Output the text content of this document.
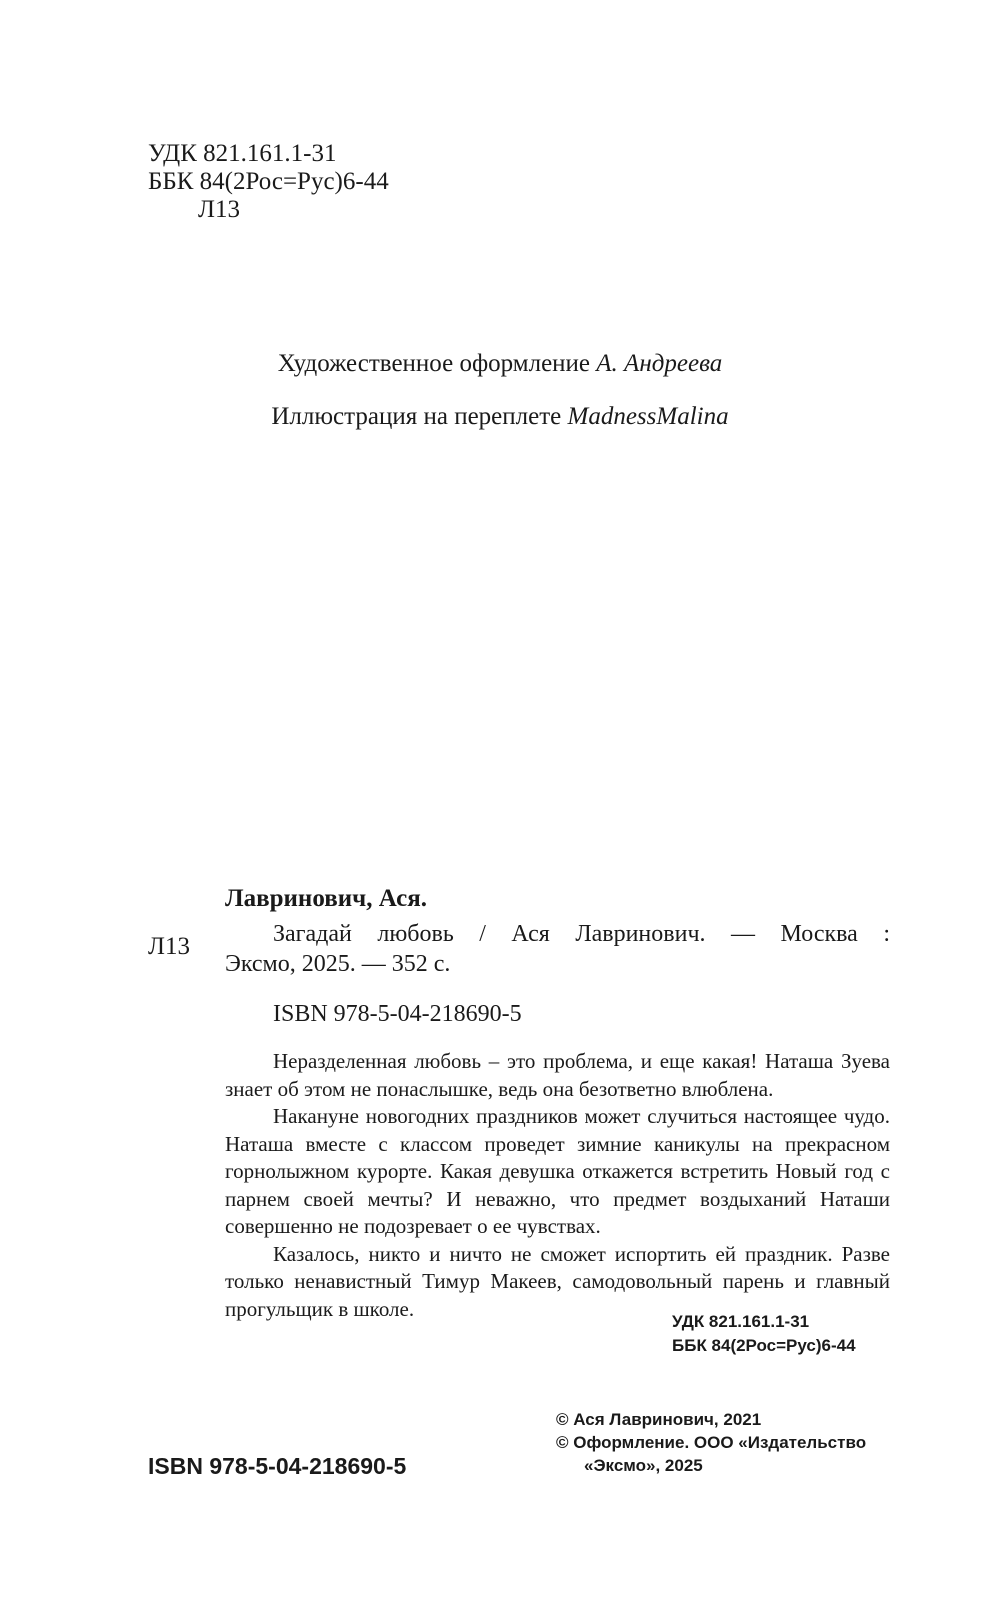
УДК 821.161.1-31
ББК 84(2Рос=Рус)6-44
Л13
Художественное оформление А. Андреева
Иллюстрация на переплете MadnessMalina
Л13
Лавринович, Ася.
Загадай любовь / Ася Лавринович. — Москва :
Эксмо, 2025. — 352 с.
ISBN 978-5-04-218690-5

Неразделенная любовь – это проблема, и еще какая! Наташа Зуева знает об этом не понаслышке, ведь она безответно влюблена.

Накануне новогодних праздников может случиться настоящее чудо. Наташа вместе с классом проведет зимние каникулы на прекрасном горнолыжном курорте. Какая девушка откажется встретить Новый год с парнем своей мечты? И неважно, что предмет воздыханий Наташи совершенно не подозревает о ее чувствах.

Казалось, никто и ничто не сможет испортить ей праздник. Разве только ненавистный Тимур Макеев, самодовольный парень и главный прогульщик в школе.

УДК 821.161.1-31
ББК 84(2Рос=Рус)6-44
© Ася Лавринович, 2021
© Оформление. ООО «Издательство
«Эксмо», 2025
ISBN 978-5-04-218690-5
